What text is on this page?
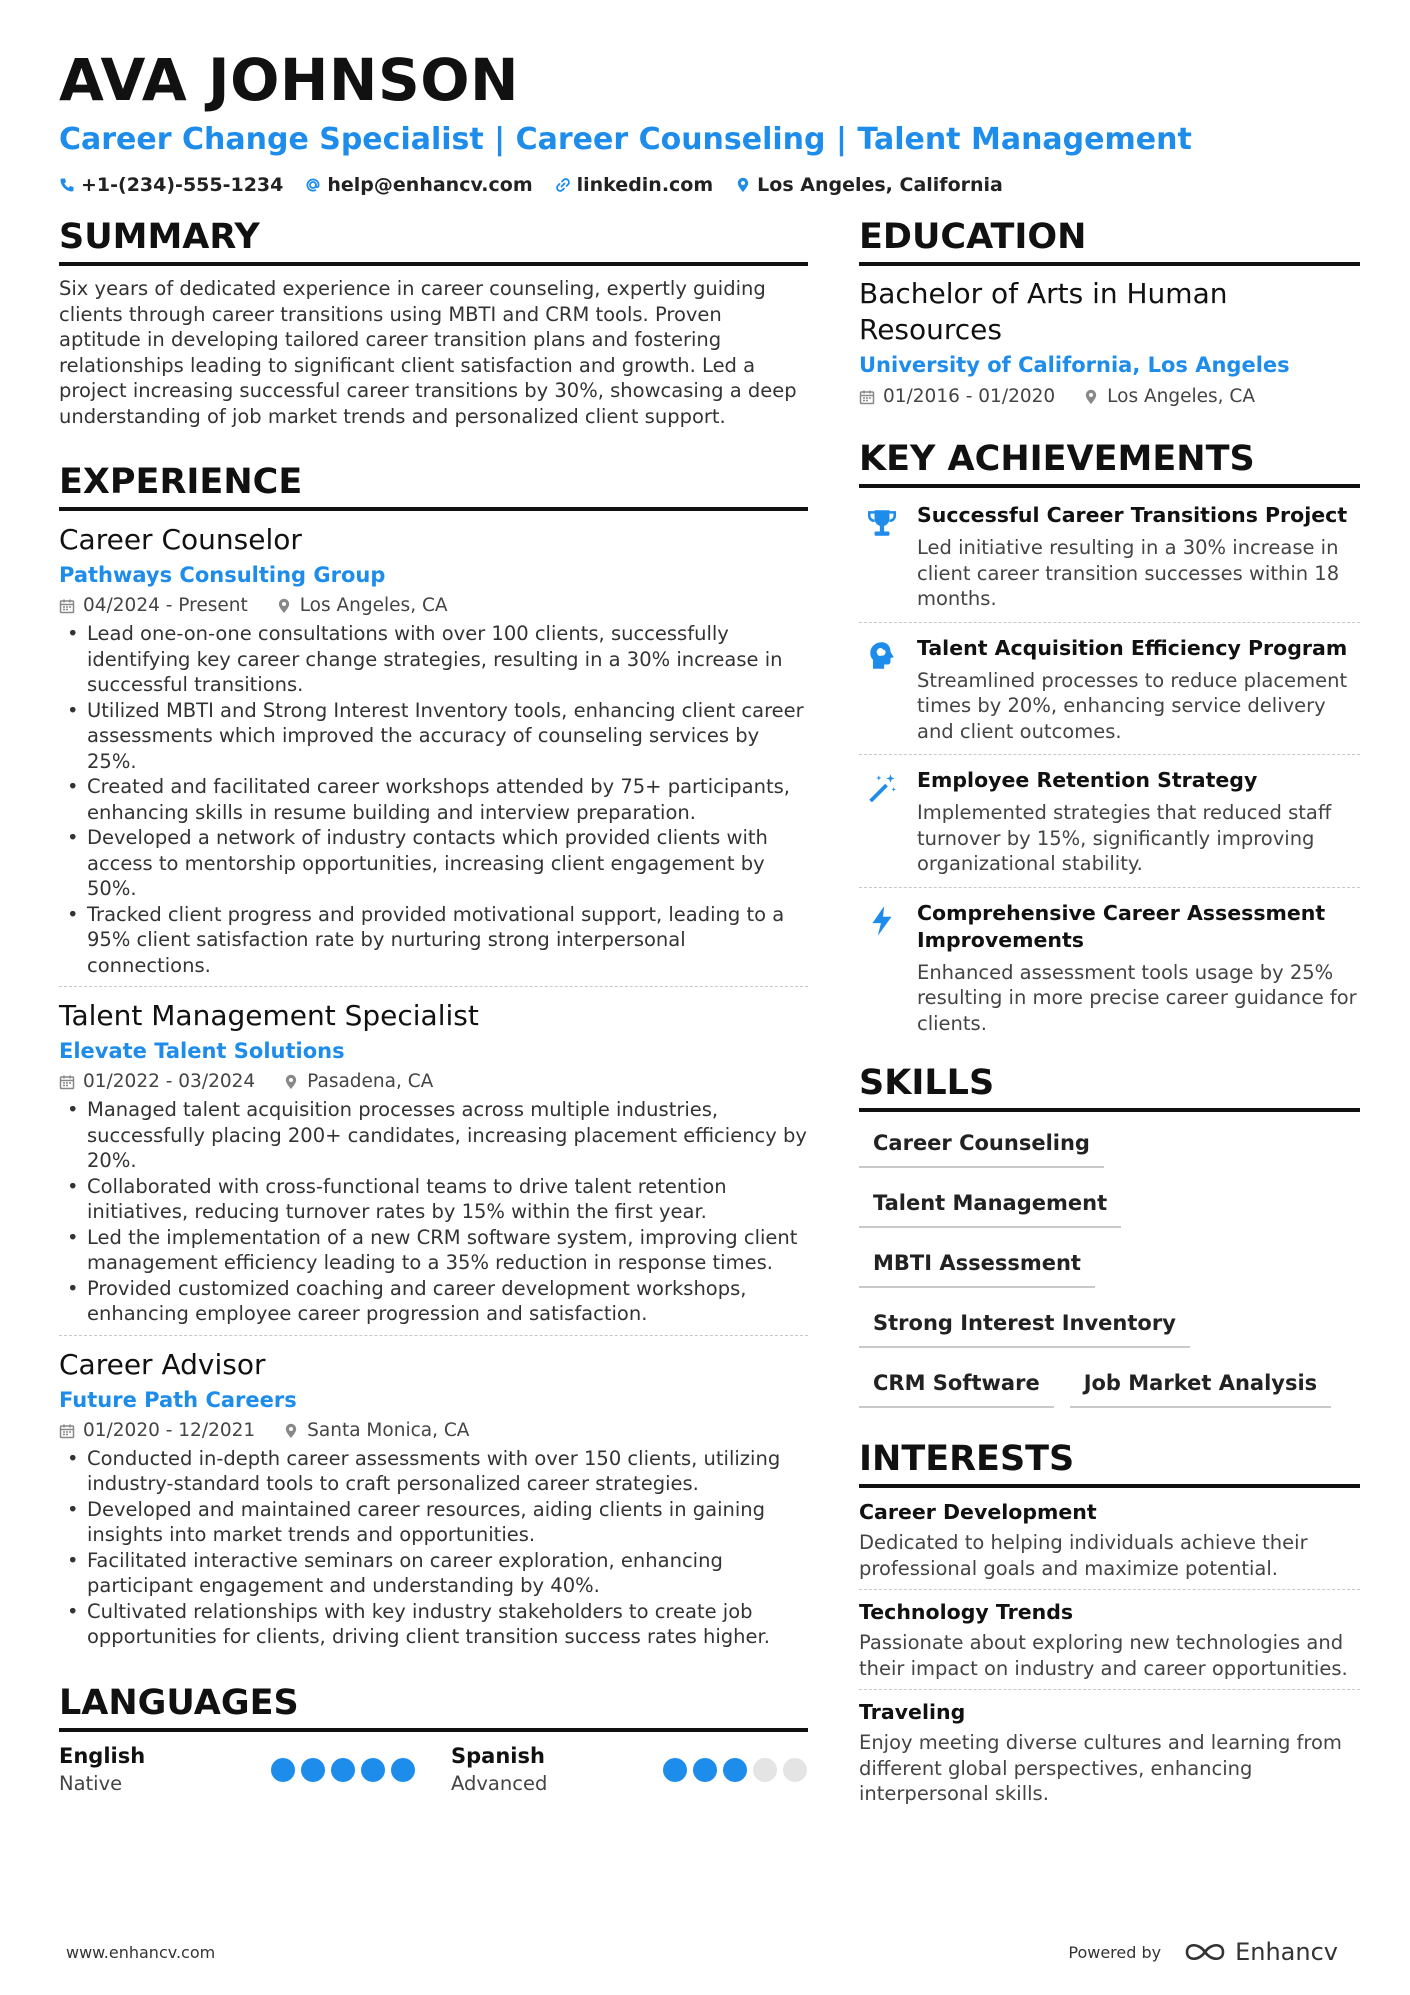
AVA JOHNSON
Career Change Specialist | Career Counseling | Talent Management
+1-(234)-555-1234 help@enhancv.com linkedin.com Los Angeles, California
SUMMARY
Six years of dedicated experience in career counseling, expertly guiding clients through career transitions using MBTI and CRM tools. Proven aptitude in developing tailored career transition plans and fostering relationships leading to significant client satisfaction and growth. Led a project increasing successful career transitions by 30%, showcasing a deep understanding of job market trends and personalized client support.
EXPERIENCE
Career Counselor
Pathways Consulting Group
04/2024 - Present	Los Angeles, CA
• Lead one-on-one consultations with over 100 clients, successfully identifying key career change strategies, resulting in a 30% increase in successful transitions.
• Utilized MBTI and Strong Interest Inventory tools, enhancing client career assessments which improved the accuracy of counseling services by 25%.
• Created and facilitated career workshops attended by 75+ participants, enhancing skills in resume building and interview preparation.
• Developed a network of industry contacts which provided clients with access to mentorship opportunities, increasing client engagement by 50%.
• Tracked client progress and provided motivational support, leading to a 95% client satisfaction rate by nurturing strong interpersonal connections.
Talent Management Specialist
Elevate Talent Solutions
01/2022 - 03/2024	Pasadena, CA
• Managed talent acquisition processes across multiple industries, successfully placing 200+ candidates, increasing placement efficiency by 20%.
• Collaborated with cross-functional teams to drive talent retention initiatives, reducing turnover rates by 15% within the first year.
• Led the implementation of a new CRM software system, improving client management efficiency leading to a 35% reduction in response times.
• Provided customized coaching and career development workshops, enhancing employee career progression and satisfaction.
Career Advisor
Future Path Careers
01/2020 - 12/2021	Santa Monica, CA
• Conducted in-depth career assessments with over 150 clients, utilizing industry-standard tools to craft personalized career strategies.
• Developed and maintained career resources, aiding clients in gaining insights into market trends and opportunities.
• Facilitated interactive seminars on career exploration, enhancing participant engagement and understanding by 40%.
• Cultivated relationships with key industry stakeholders to create job opportunities for clients, driving client transition success rates higher.
LANGUAGES
English
Native
Spanish
Advanced
EDUCATION
Bachelor of Arts in Human Resources
University of California, Los Angeles
01/2016 - 01/2020	Los Angeles, CA
KEY ACHIEVEMENTS
Successful Career Transitions Project
Led initiative resulting in a 30% increase in client career transition successes within 18 months.
Talent Acquisition Efficiency Program
Streamlined processes to reduce placement times by 20%, enhancing service delivery and client outcomes.
Employee Retention Strategy
Implemented strategies that reduced staff turnover by 15%, significantly improving organizational stability.
Comprehensive Career Assessment Improvements
Enhanced assessment tools usage by 25% resulting in more precise career guidance for clients.
SKILLS
Career Counseling
Talent Management
MBTI Assessment
Strong Interest Inventory
CRM Software	Job Market Analysis
INTERESTS
Career Development
Dedicated to helping individuals achieve their professional goals and maximize potential.
Technology Trends
Passionate about exploring new technologies and their impact on industry and career opportunities.
Traveling
Enjoy meeting diverse cultures and learning from different global perspectives, enhancing interpersonal skills.
www.enhancv.com	Powered by	Enhancv
